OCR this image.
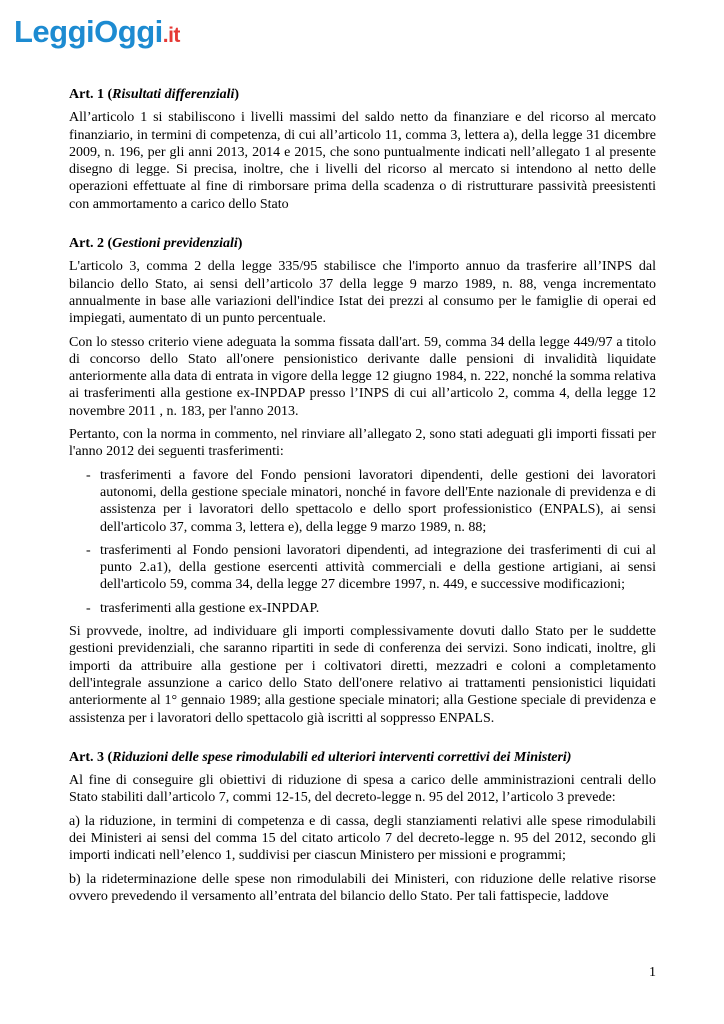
LeggiOggi.it
Art. 1 (Risultati differenziali)

All’articolo 1 si stabiliscono i livelli massimi del saldo netto da finanziare e del ricorso al mercato finanziario, in termini di competenza, di cui all’articolo 11, comma 3, lettera a), della legge 31 dicembre 2009, n. 196, per gli anni 2013, 2014 e 2015, che sono puntualmente indicati nell’allegato 1 al presente disegno di legge. Si precisa, inoltre, che i livelli del ricorso al mercato si intendono al netto delle operazioni effettuate al fine di rimborsare prima della scadenza o di ristrutturare passività preesistenti con ammortamento a carico dello Stato

Art. 2 (Gestioni previdenziali)

L'articolo 3, comma 2 della legge 335/95 stabilisce che l'importo annuo da trasferire all’INPS dal bilancio dello Stato, ai sensi dell’articolo 37 della legge 9 marzo 1989, n. 88, venga incrementato annualmente in base alle variazioni dell'indice Istat dei prezzi al consumo per le famiglie di operai ed impiegati, aumentato di un punto percentuale.

Con lo stesso criterio viene adeguata la somma fissata dall'art. 59, comma 34 della legge 449/97 a titolo di concorso dello Stato all'onere pensionistico derivante dalle pensioni di invalidità liquidate anteriormente alla data di entrata in vigore della legge 12 giugno 1984, n. 222, nonché la somma relativa ai trasferimenti alla gestione ex-INPDAP presso l’INPS di cui all’articolo 2, comma 4, della legge 12 novembre 2011 , n. 183, per l'anno 2013.

Pertanto, con la norma in commento, nel rinviare all’allegato 2, sono stati adeguati gli importi fissati per l'anno 2012 dei seguenti trasferimenti:

- trasferimenti a favore del Fondo pensioni lavoratori dipendenti, delle gestioni dei lavoratori autonomi, della gestione speciale minatori, nonché in favore dell'Ente nazionale di previdenza e di assistenza per i lavoratori dello spettacolo e dello sport professionistico (ENPALS), ai sensi dell'articolo 37, comma 3, lettera e), della legge 9 marzo 1989, n. 88;
- trasferimenti al Fondo pensioni lavoratori dipendenti, ad integrazione dei trasferimenti di cui al punto 2.a1), della gestione esercenti attività commerciali e della gestione artigiani, ai sensi dell'articolo 59, comma 34, della legge 27 dicembre 1997, n. 449, e successive modificazioni;
- trasferimenti alla gestione ex-INPDAP.

Si provvede, inoltre, ad individuare gli importi complessivamente dovuti dallo Stato per le suddette gestioni previdenziali, che saranno ripartiti in sede di conferenza dei servizi. Sono indicati, inoltre, gli importi da attribuire alla gestione per i coltivatori diretti, mezzadri e coloni a completamento dell'integrale assunzione a carico dello Stato dell'onere relativo ai trattamenti pensionistici liquidati anteriormente al 1° gennaio 1989; alla gestione speciale minatori; alla Gestione speciale di previdenza e assistenza per i lavoratori dello spettacolo già iscritti al soppresso ENPALS.

Art. 3 (Riduzioni delle spese rimodulabili ed ulteriori interventi correttivi dei Ministeri)

Al fine di conseguire gli obiettivi di riduzione di spesa a carico delle amministrazioni centrali dello Stato stabiliti dall’articolo 7, commi 12-15, del decreto-legge n. 95 del 2012, l’articolo 3 prevede:

a) la riduzione, in termini di competenza e di cassa, degli stanziamenti relativi alle spese rimodulabili dei Ministeri ai sensi del comma 15 del citato articolo 7 del decreto-legge n. 95 del 2012, secondo gli importi indicati nell’elenco 1, suddivisi per ciascun Ministero per missioni e programmi;

b) la rideterminazione delle spese non rimodulabili dei Ministeri, con riduzione delle relative risorse ovvero prevedendo il versamento all’entrata del bilancio dello Stato. Per tali fattispecie, laddove

1
